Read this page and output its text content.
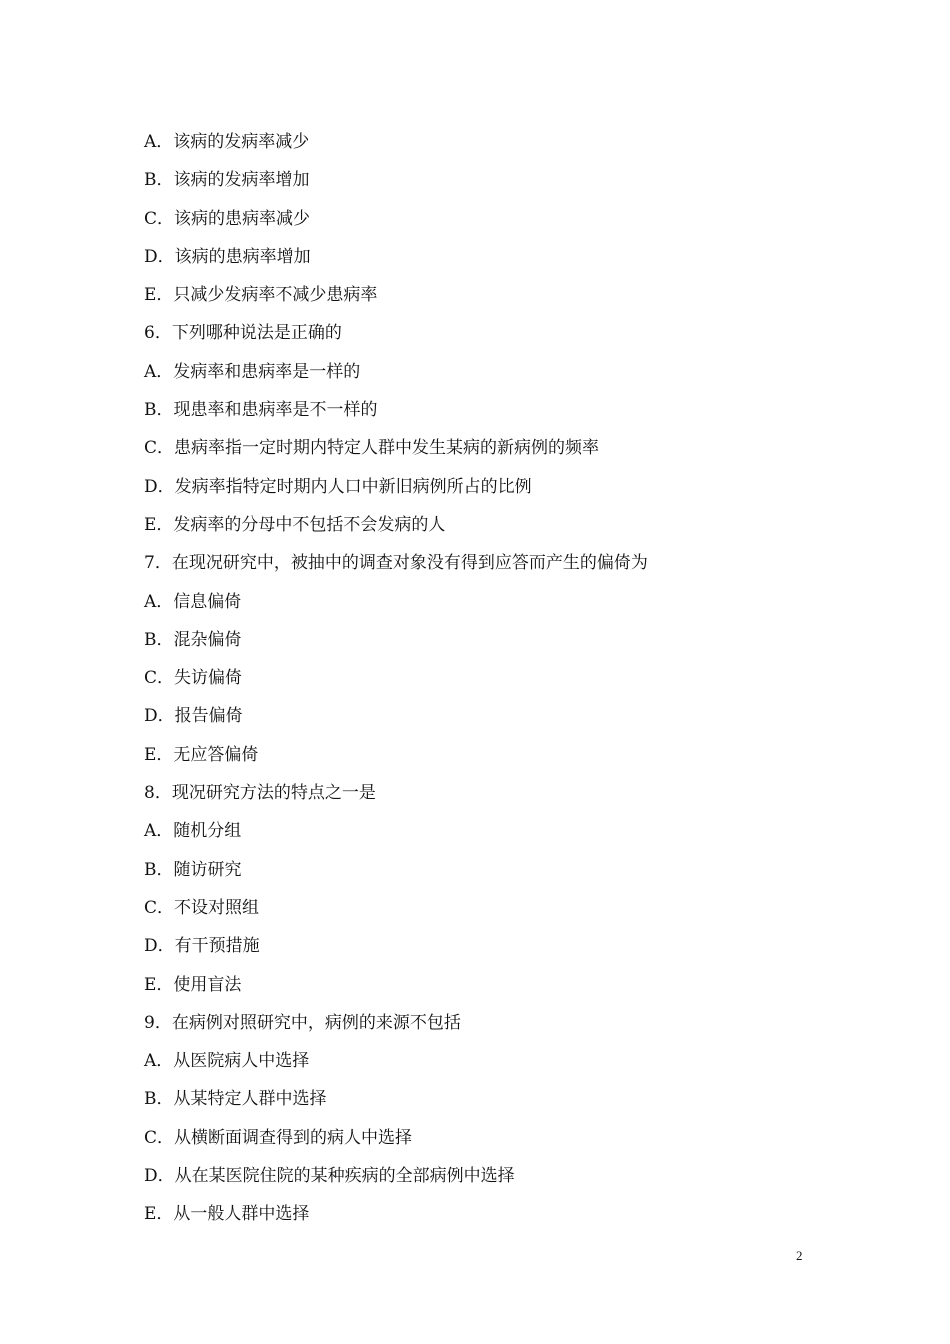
A．该病的发病率减少
B．该病的发病率增加
C．该病的患病率减少
D．该病的患病率增加
E．只减少发病率不减少患病率
6．下列哪种说法是正确的
A．发病率和患病率是一样的
B．现患率和患病率是不一样的
C．患病率指一定时期内特定人群中发生某病的新病例的频率
D．发病率指特定时期内人口中新旧病例所占的比例
E．发病率的分母中不包括不会发病的人
7．在现况研究中，被抽中的调查对象没有得到应答而产生的偏倚为
A．信息偏倚
B．混杂偏倚
C．失访偏倚
D．报告偏倚
E．无应答偏倚
8．现况研究方法的特点之一是
A．随机分组
B．随访研究
C．不设对照组
D．有干预措施
E．使用盲法
9．在病例对照研究中，病例的来源不包括
A．从医院病人中选择
B．从某特定人群中选择
C．从横断面调查得到的病人中选择
D．从在某医院住院的某种疾病的全部病例中选择
E．从一般人群中选择
2
